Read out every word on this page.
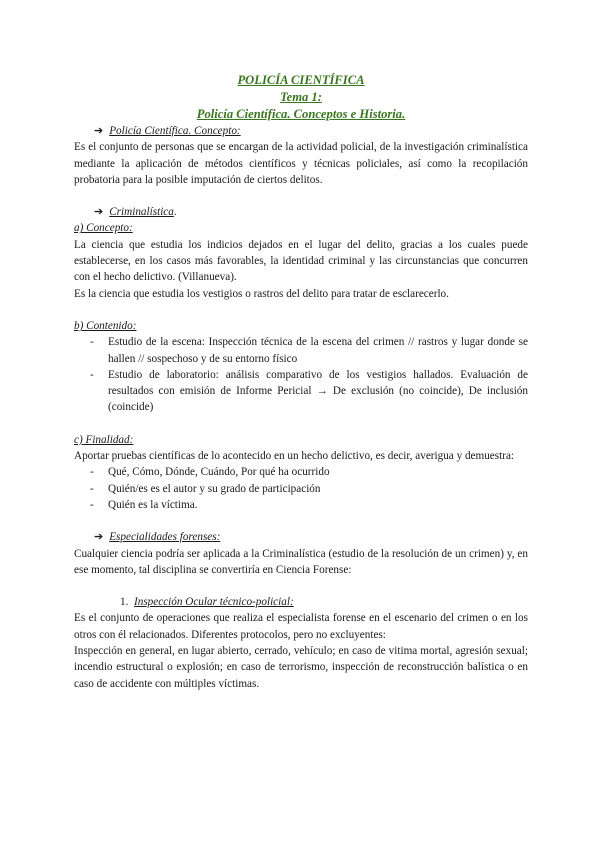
POLICÍA CIENTÍFICA
Tema 1:
Policía Científica. Conceptos e Historia.
➔ Policía Científica. Concepto:

Es el conjunto de personas que se encargan de la actividad policial, de la investigación criminalística mediante la aplicación de métodos científicos y técnicas policiales, así como la recopilación probatoria para la posible imputación de ciertos delitos.

➔ Criminalística.
a) Concepto:

La ciencia que estudia los indicios dejados en el lugar del delito, gracias a los cuales puede establecerse, en los casos más favorables, la identidad criminal y las circunstancias que concurren con el hecho delictivo. (Villanueva).

Es la ciencia que estudia los vestigios o rastros del delito para tratar de esclarecerlo.

b) Contenido:
- Estudio de la escena: Inspección técnica de la escena del crimen // rastros y lugar donde se hallen // sospechoso y de su entorno físico
- Estudio de laboratorio: análisis comparativo de los vestigios hallados. Evaluación de resultados con emisión de Informe Pericial → De exclusión (no coincide), De inclusión (coincide)
c) Finalidad:

Aportar pruebas científicas de lo acontecido en un hecho delictivo, es decir, averigua y demuestra:

- Qué, Cómo, Dónde, Cuándo, Por qué ha ocurrido
- Quién/es es el autor y su grado de participación
- Quién es la víctima.
➔ Especialidades forenses:

Cualquier ciencia podría ser aplicada a la Criminalística (estudio de la resolución de un crimen) y, en ese momento, tal disciplina se convertiría en Ciencia Forense:

1. Inspección Ocular técnico-policial:

Es el conjunto de operaciones que realiza el especialista forense en el escenario del crimen o en los otros con él relacionados. Diferentes protocolos, pero no excluyentes:

Inspección en general, en lugar abierto, cerrado, vehículo; en caso de vitima mortal, agresión sexual; incendio estructural o explosión; en caso de terrorismo, inspección de reconstrucción balística o en caso de accidente con múltiples víctimas.
